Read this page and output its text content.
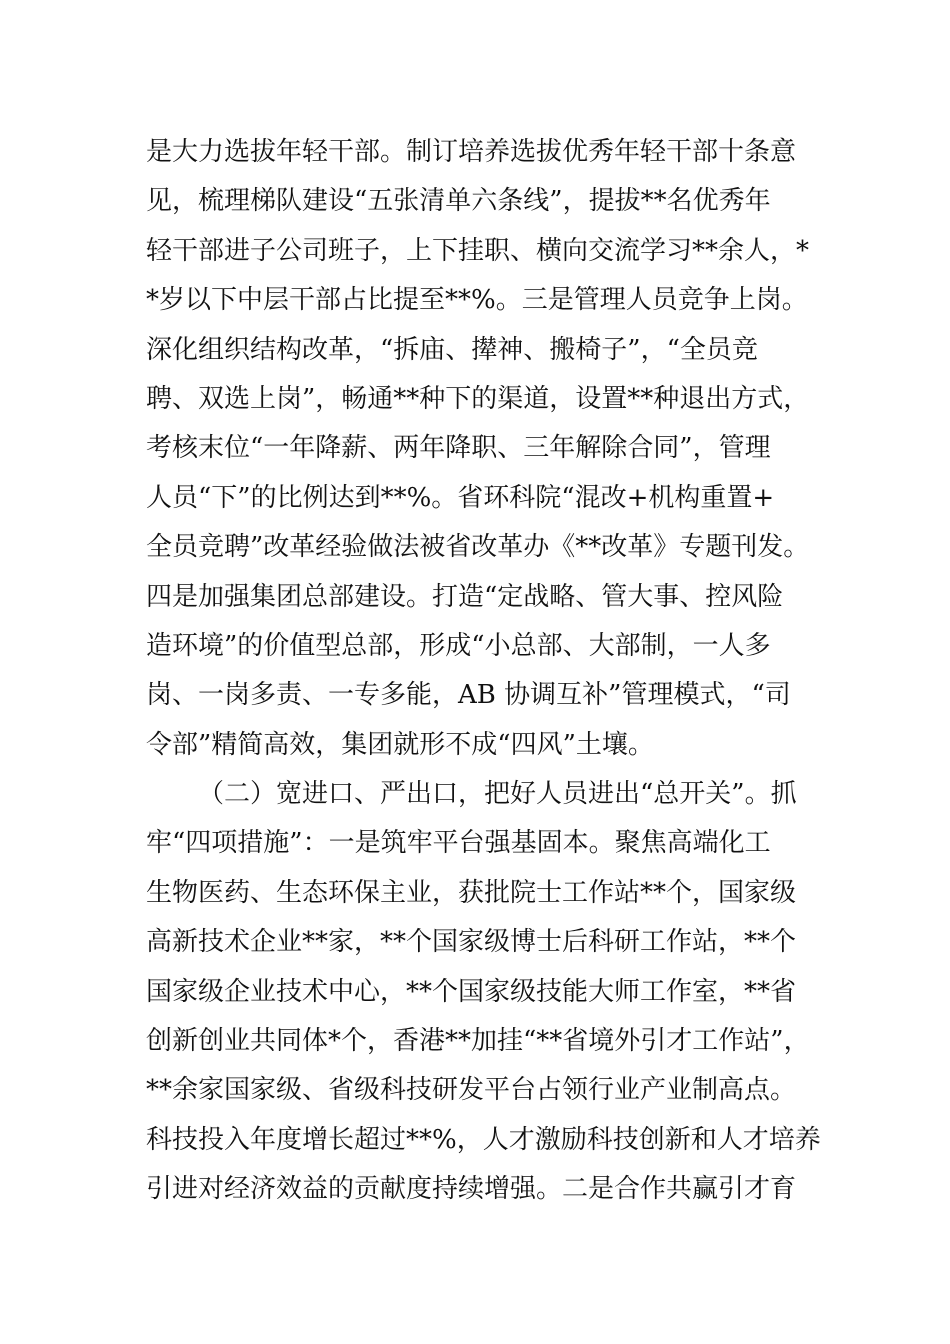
是大力选拔年轻干部。制订培养选拔优秀年轻干部十条意
见，梳理梯队建设“五张清单六条线”，提拔**名优秀年
轻干部进子公司班子，上下挂职、横向交流学习**余人，*
*岁以下中层干部占比提至**%。三是管理人员竞争上岗。
深化组织结构改革，“拆庙、撵神、搬椅子”，“全员竞
聘、双选上岗”，畅通**种下的渠道，设置**种退出方式，
考核末位“一年降薪、两年降职、三年解除合同”，管理
人员“下”的比例达到**%。省环科院“混改+机构重置+
全员竞聘”改革经验做法被省改革办《**改革》专题刊发。
四是加强集团总部建设。打造“定战略、管大事、控风险
造环境”的价值型总部，形成“小总部、大部制，一人多
岗、一岗多责、一专多能，AB 协调互补”管理模式，“司
令部”精简高效，集团就形不成“四风”土壤。
（二）宽进口、严出口，把好人员进出“总开关”。抓
牢“四项措施”：一是筑牢平台强基固本。聚焦高端化工
生物医药、生态环保主业，获批院士工作站**个，国家级
高新技术企业**家，**个国家级博士后科研工作站，**个
国家级企业技术中心，**个国家级技能大师工作室，**省
创新创业共同体*个，香港**加挂“**省境外引才工作站”，
**余家国家级、省级科技研发平台占领行业产业制高点。
科技投入年度增长超过**%，人才激励科技创新和人才培养
引进对经济效益的贡献度持续增强。二是合作共赢引才育
